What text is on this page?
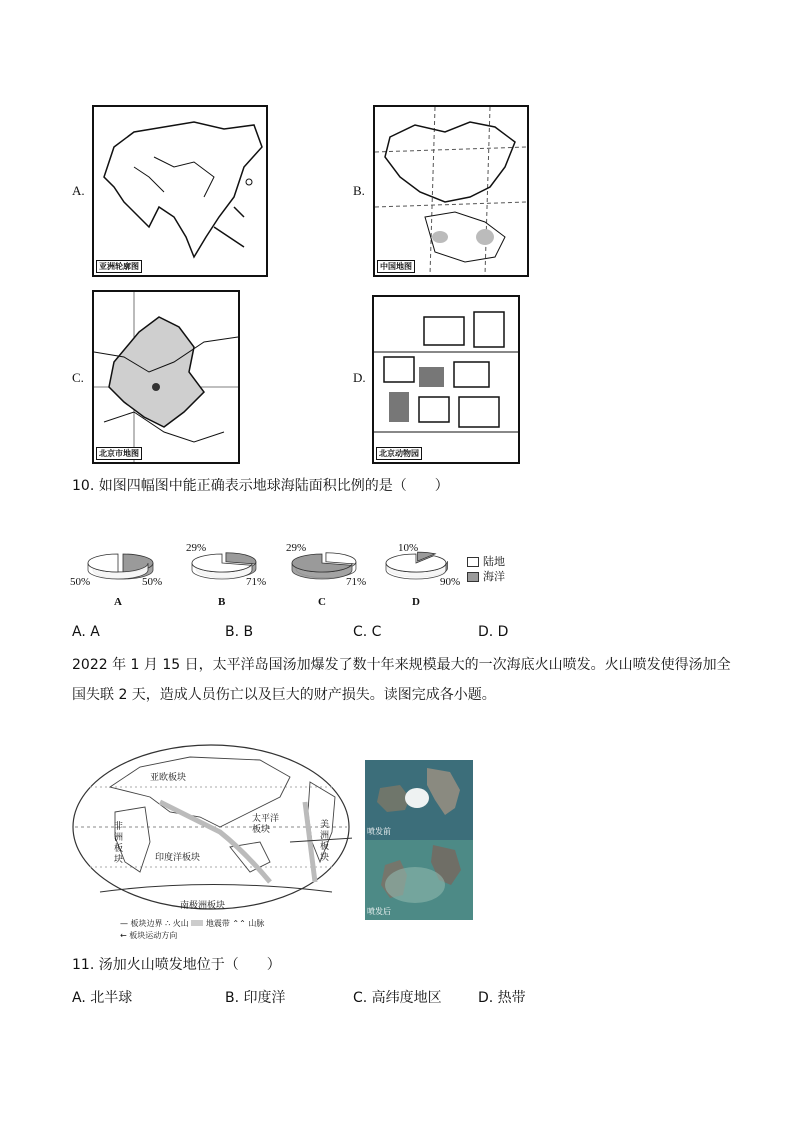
A.
亚洲轮廓图
B.
中国地图
C.
北京市地图
D.
北京动物园
10. 如图四幅图中能正确表示地球海陆面积比例的是（　　）
50%	50%
A
29%
71%
B
29%
71%
C
10%
90%
D
陆地
海洋
A. A	B. B	C. C	D. D
2022 年 1 月 15 日，太平洋岛国汤加爆发了数十年来规模最大的一次海底火山喷发。火山喷发使得汤加全
国失联 2 天，造成人员伤亡以及巨大的财产损失。读图完成各小题。
亚欧板块
非洲板块	印度洋板块
太平洋板块	美洲板块
南极洲板块
— 板块边界 ∴ 火山 地震带 ⌃⌃ 山脉
← 板块运动方向
喷发前
喷发后
11. 汤加火山喷发地位于（　　）
A. 北半球	B. 印度洋	C. 高纬度地区	D. 热带
